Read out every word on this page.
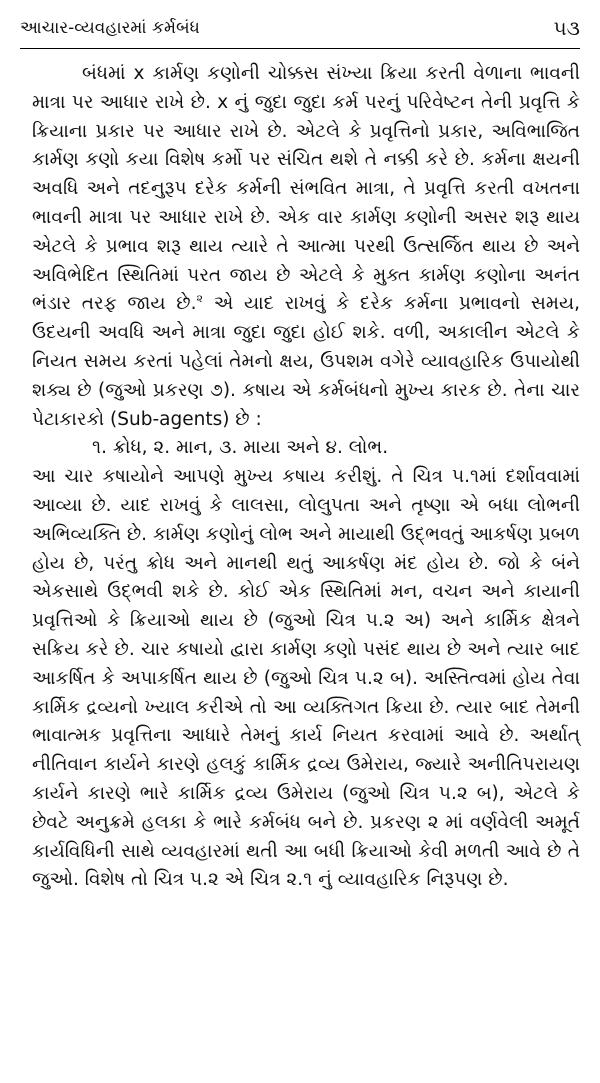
આચાર-વ્યવહારમાં કર્મબંધ	૫૩

બંધમાં x કાર્મણ કણોની ચોક્કસ સંખ્યા ક્રિયા કરતી વેળાના ભાવની માત્રા પર આધાર રાખે છે. x નું જુદા જુદા કર્મ પરનું પરિવેષ્ટન તેની પ્રવૃત્તિ કે ક્રિયાના પ્રકાર પર આધાર રાખે છે. એટલે કે પ્રવૃત્તિનો પ્રકાર, અવિભાજિત કાર્મણ કણો કયા વિશેષ કર્મો પર સંચિત થશે તે નક્કી કરે છે. કર્મના ક્ષયની અવધિ અને તદનુરૂપ દરેક કર્મની સંભવિત માત્રા, તે પ્રવૃત્તિ કરતી વખતના ભાવની માત્રા પર આધાર રાખે છે. એક વાર કાર્મણ કણોની અસર શરૂ થાય એટલે કે પ્રભાવ શરૂ થાય ત્યારે તે આત્મા પરથી ઉત્સર્જિત થાય છે અને અવિભેદિત સ્થિતિમાં પરત જાય છે એટલે કે મુક્ત કાર્મણ કણોના અનંત ભંડાર તરફ જાય છે.$^૨$ એ યાદ રાખવું કે દરેક કર્મના પ્રભાવનો સમય, ઉદયની અવધિ અને માત્રા જુદા જુદા હોઈ શકે. વળી, અકાલીન એટલે કે નિયત સમય કરતાં પહેલાં તેમનો ક્ષય, ઉપશમ વગેરે વ્યાવહારિક ઉપાયોથી શક્ય છે (જુઓ પ્રકરણ ૭). કષાય એ કર્મબંધનો મુખ્ય કારક છે. તેના ચાર પેટાકારકો (Sub-agents) છે :

૧. ક્રોધ, ૨. માન, ૩. માયા અને ૪. લોભ.

આ ચાર કષાયોને આપણે મુખ્ય કષાય કરીશું. તે ચિત્ર ૫.૧માં દર્શાવવામાં આવ્યા છે. યાદ રાખવું કે લાલસા, લોલુપતા અને તૃષ્ણા એ બધા લોભની અભિવ્યક્તિ છે. કાર્મણ કણોનું લોભ અને માયાથી ઉદ્ભવતું આકર્ષણ પ્રબળ હોય છે, પરંતુ ક્રોધ અને માનથી થતું આકર્ષણ મંદ હોય છે. જો કે બંને એકસાથે ઉદ્ભવી શકે છે. કોઈ એક સ્થિતિમાં મન, વચન અને કાયાની પ્રવૃત્તિઓ કે ક્રિયાઓ થાય છે (જુઓ ચિત્ર ૫.૨ અ) અને કાર્મિક ક્ષેત્રને સક્રિય કરે છે. ચાર કષાયો દ્વારા કાર્મણ કણો પસંદ થાય છે અને ત્યાર બાદ આકર્ષિત કે અપાકર્ષિત થાય છે (જુઓ ચિત્ર ૫.૨ બ). અસ્તિત્વમાં હોય તેવા કાર્મિક દ્રવ્યનો ખ્યાલ કરીએ તો આ વ્યક્તિગત ક્રિયા છે. ત્યાર બાદ તેમની ભાવાત્મક પ્રવૃત્તિના આધારે તેમનું કાર્ય નિયત કરવામાં આવે છે. અર્થાત્ નીતિવાન કાર્યને કારણે હલકું કાર્મિક દ્રવ્ય ઉમેરાય, જ્યારે અનીતિપરાયણ કાર્યને કારણે ભારે કાર્મિક દ્રવ્ય ઉમેરાય (જુઓ ચિત્ર ૫.૨ બ), એટલે કે છેવટે અનુક્રમે હલકા કે ભારે કર્મબંધ બને છે. પ્રકરણ ૨ માં વર્ણવેલી અમૂર્ત કાર્યવિધિની સાથે વ્યવહારમાં થતી આ બધી ક્રિયાઓ કેવી મળતી આવે છે તે જુઓ. વિશેષ તો ચિત્ર ૫.૨ એ ચિત્ર ૨.૧ નું વ્યાવહારિક નિરૂપણ છે.
